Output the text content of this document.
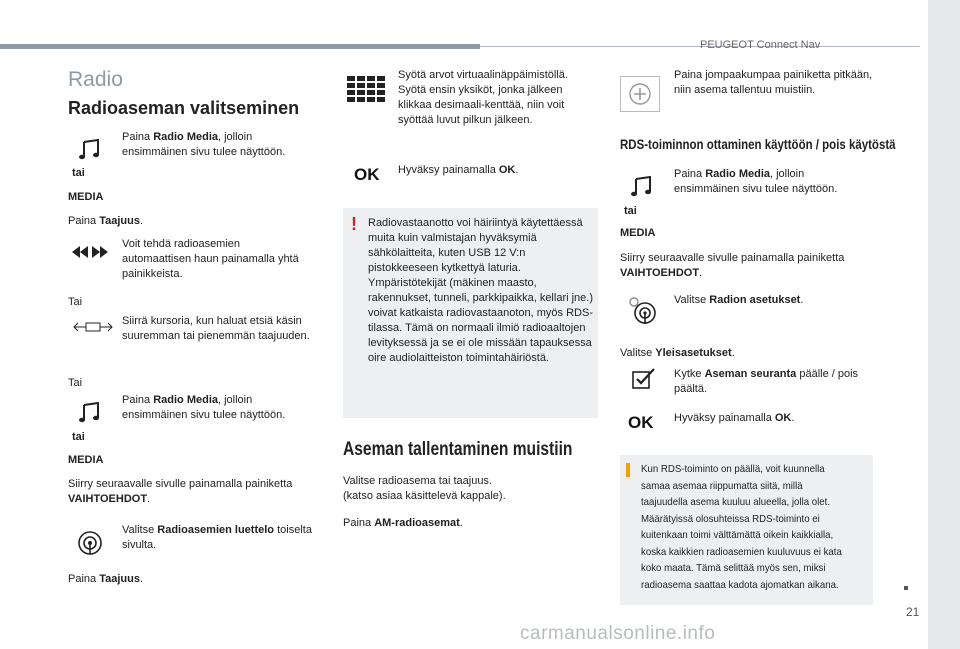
PEUGEOT Connect Nav
21
carmanualsonline.info
Radio
Radioaseman valitseminen
tai
MEDIA
Paina Radio Media, jolloin ensimmäinen sivu tulee näyttöön.
Paina Taajuus.
Voit tehdä radioasemien automaattisen haun painamalla yhtä painikkeista.
Tai
Siirrä kursoria, kun haluat etsiä käsin suuremman tai pienemmän taajuuden.
Tai
tai
MEDIA
Paina Radio Media, jolloin ensimmäinen sivu tulee näyttöön.
Siirry seuraavalle sivulle painamalla painiketta VAIHTOEHDOT.
Valitse Radioasemien luettelo toiselta sivulta.
Paina Taajuus.
Syötä arvot virtuaalinäppäimistöllä. Syötä ensin yksiköt, jonka jälkeen klikkaa desimaali-kenttää, niin voit syöttää luvut pilkun jälkeen.
OK Hyväksy painamalla OK.
! Radiovastaanotto voi häiriintyä käytettäessä muita kuin valmistajan hyväksymiä sähkölaitteita, kuten USB 12 V:n pistokkeeseen kytkettyä laturia. Ympäristötekijät (mäkinen maasto, rakennukset, tunneli, parkkipaikka, kellari jne.) voivat katkaista radiovastaanoton, myös RDS-tilassa. Tämä on normaali ilmiö radioaaltojen levityksessä ja se ei ole missään tapauksessa oire audiolaitteiston toimintahäiriöstä.
Aseman tallentaminen muistiin
Valitse radioasema tai taajuus.
(katso asiaa käsittelevä kappale).
Paina AM-radioasemat.
Paina jompaakumpaa painiketta pitkään, niin asema tallentuu muistiin.
RDS-toiminnon ottaminen käyttöön / pois käytöstä
tai
MEDIA
Paina Radio Media, jolloin ensimmäinen sivu tulee näyttöön.
Siirry seuraavalle sivulle painamalla painiketta VAIHTOEHDOT.
Valitse Radion asetukset.
Valitse Yleisasetukset.
Kytke Aseman seuranta päälle / pois päältä.
OK Hyväksy painamalla OK.
Kun RDS-toiminto on päällä, voit kuunnella samaa asemaa riippumatta siitä, millä taajuudella asema kuuluu alueella, jolla olet. Määrätyissä olosuhteissa RDS-toiminto ei kuitenkaan toimi välttämättä oikein kaikkialla, koska kaikkien radioasemien kuuluvuus ei kata koko maata. Tämä selittää myös sen, miksi radioasema saattaa kadota ajomatkan aikana.
